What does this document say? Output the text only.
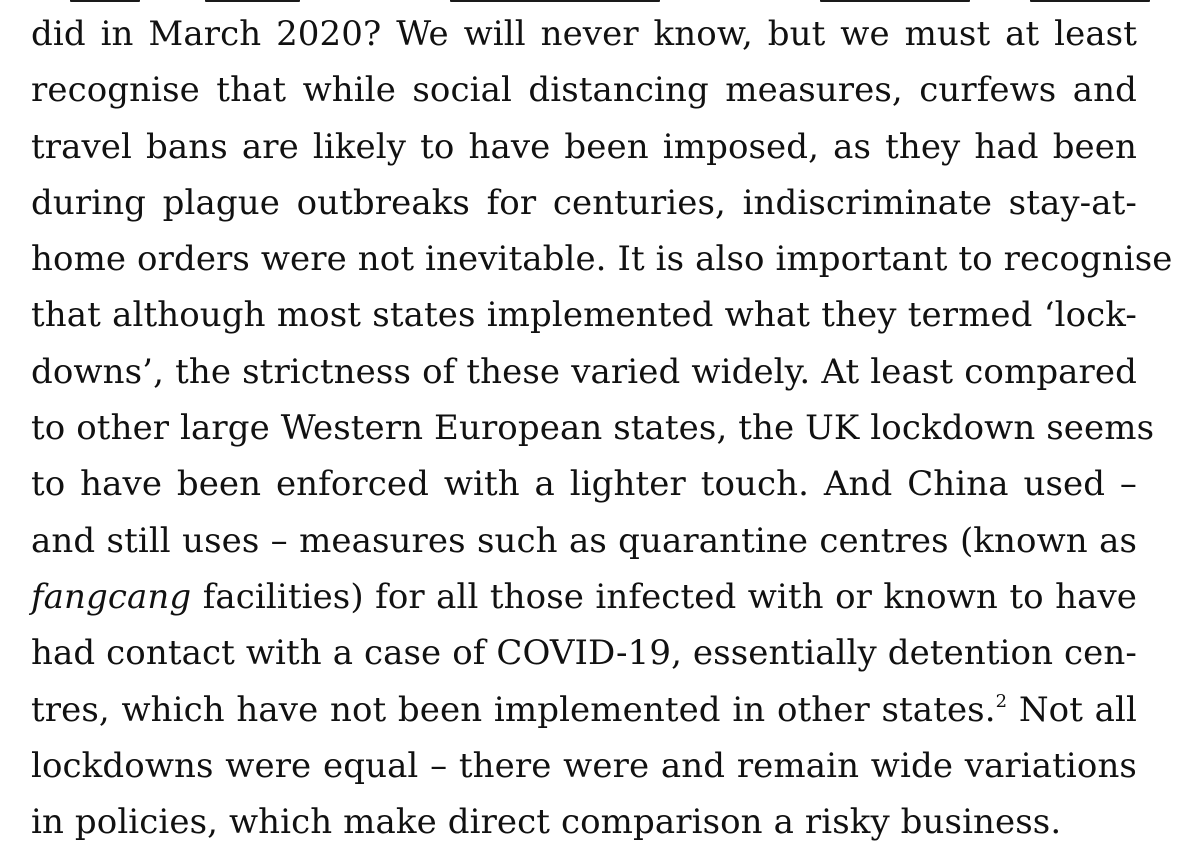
did in March 2020? We will never know, but we must at least
recognise that while social distancing measures, curfews and
travel bans are likely to have been imposed, as they had been
during plague outbreaks for centuries, indiscriminate stay-at-
home orders were not inevitable. It is also important to recognise
that although most states implemented what they termed ‘lock-
downs’, the strictness of these varied widely. At least compared
to other large Western European states, the UK lockdown seems
to have been enforced with a lighter touch. And China used –
and still uses – measures such as quarantine centres (known as
fangcang facilities) for all those infected with or known to have
had contact with a case of COVID-19, essentially detention cen-
tres, which have not been implemented in other states.$^2$ Not all
lockdowns were equal – there were and remain wide variations
in policies, which make direct comparison a risky business.
